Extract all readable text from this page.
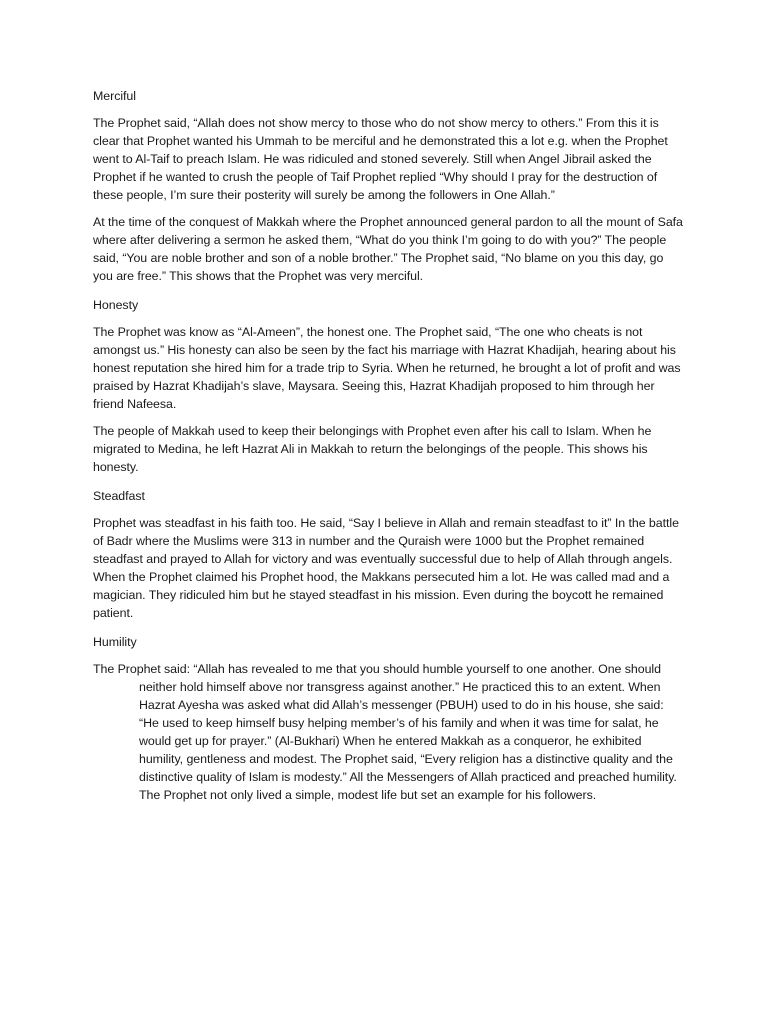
Merciful

The Prophet said, “Allah does not show mercy to those who do not show mercy to others.” From this it is clear that Prophet wanted his Ummah to be merciful and he demonstrated this a lot e.g. when the Prophet went to Al-Taif to preach Islam. He was ridiculed and stoned severely. Still when Angel Jibrail asked the Prophet if he wanted to crush the people of Taif Prophet replied “Why should I pray for the destruction of these people, I’m sure their posterity will surely be among the followers in One Allah.”

At the time of the conquest of Makkah where the Prophet announced general pardon to all the mount of Safa where after delivering a sermon he asked them, “What do you think I’m going to do with you?” The people said, “You are noble brother and son of a noble brother.” The Prophet said, “No blame on you this day, go you are free.” This shows that the Prophet was very merciful.

Honesty

The Prophet was know as “Al-Ameen”, the honest one. The Prophet said, “The one who cheats is not amongst us.” His honesty can also be seen by the fact his marriage with Hazrat Khadijah, hearing about his honest reputation she hired him for a trade trip to Syria. When he returned, he brought a lot of profit and was praised by Hazrat Khadijah’s slave, Maysara. Seeing this, Hazrat Khadijah proposed to him through her friend Nafeesa.

The people of Makkah used to keep their belongings with Prophet even after his call to Islam. When he migrated to Medina, he left Hazrat Ali in Makkah to return the belongings of the people. This shows his honesty.

Steadfast

Prophet was steadfast in his faith too. He said, “Say I believe in Allah and remain steadfast to it” In the battle of Badr where the Muslims were 313 in number and the Quraish were 1000 but the Prophet remained steadfast and prayed to Allah for victory and was eventually successful due to help of Allah through angels. When the Prophet claimed his Prophet hood, the Makkans persecuted him a lot. He was called mad and a magician. They ridiculed him but he stayed steadfast in his mission. Even during the boycott he remained patient.

Humility

The Prophet said: “Allah has revealed to me that you should humble yourself to one another. One should neither hold himself above nor transgress against another.” He practiced this to an extent. When Hazrat Ayesha was asked what did Allah’s messenger (PBUH) used to do in his house, she said: “He used to keep himself busy helping member’s of his family and when it was time for salat, he would get up for prayer.” (Al-Bukhari) When he entered Makkah as a conqueror, he exhibited humility, gentleness and modest. The Prophet said, “Every religion has a distinctive quality and the distinctive quality of Islam is modesty.” All the Messengers of Allah practiced and preached humility. The Prophet not only lived a simple, modest life but set an example for his followers.
